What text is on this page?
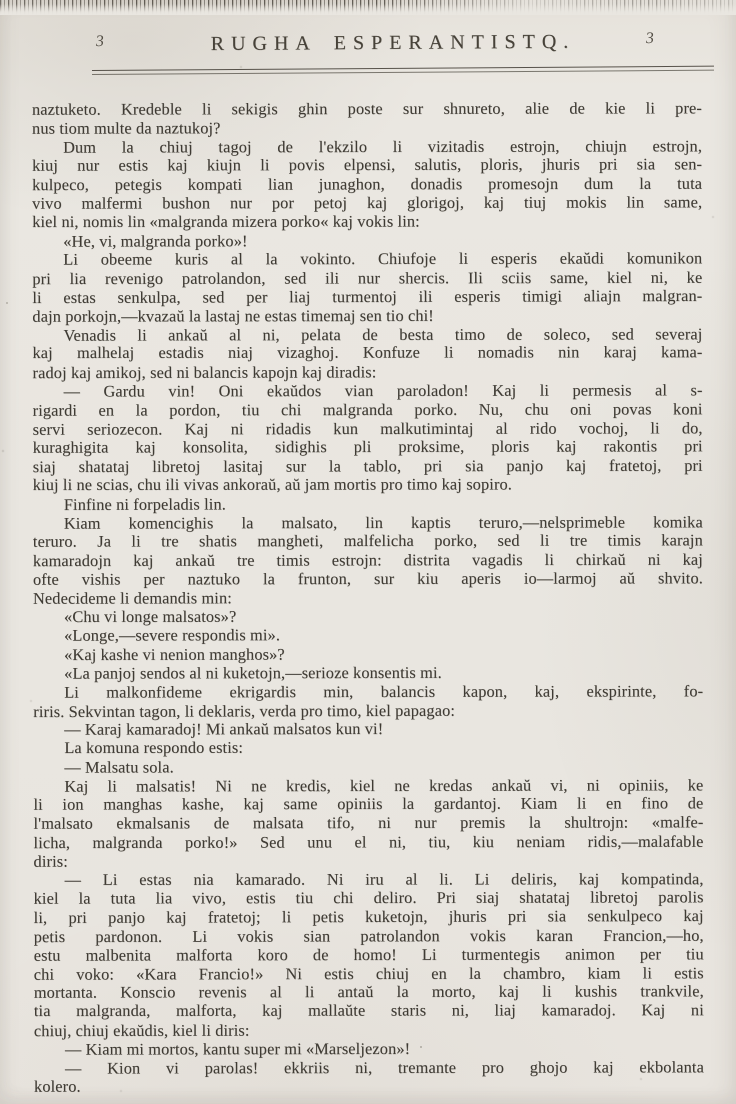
3	RUGHA ESPERANTISTQ.	3
naztuketo. Kredeble li sekigis ghin poste sur shnureto, alie de kie li pre-
nus tiom multe da naztukoj?
Dum la chiuj tagoj de l'ekzilo li vizitadis estrojn, chiujn estrojn,
kiuj nur estis kaj kiujn li povis elpensi, salutis, ploris, jhuris pri sia sen-
kulpeco, petegis kompati lian junaghon, donadis promesojn dum la tuta
vivo malfermi bushon nur por petoj kaj glorigoj, kaj tiuj mokis lin same,
kiel ni, nomis lin «malgranda mizera porko« kaj vokis lin:
«He, vi, malgranda porko»!
Li obeeme kuris al la vokinto. Chiufoje li esperis ekaŭdi komunikon
pri lia revenigo patrolandon, sed ili nur shercis. Ili sciis same, kiel ni, ke
li estas senkulpa, sed per liaj turmentoj ili esperis timigi aliajn malgran-
dajn porkojn,—kvazaŭ la lastaj ne estas timemaj sen tio chi!
Venadis li ankaŭ al ni, pelata de besta timo de soleco, sed severaj
kaj malhelaj estadis niaj vizaghoj. Konfuze li nomadis nin karaj kama-
radoj kaj amikoj, sed ni balancis kapojn kaj diradis:
— Gardu vin! Oni ekaŭdos vian paroladon! Kaj li permesis al s-
rigardi en la pordon, tiu chi malgranda porko. Nu, chu oni povas koni
servi seriozecon. Kaj ni ridadis kun malkutimintaj al rido vochoj, li do,
kuraghigita kaj konsolita, sidighis pli proksime, ploris kaj rakontis pri
siaj shatataj libretoj lasitaj sur la tablo, pri sia panjo kaj fratetoj, pri
kiuj li ne scias, chu ili vivas ankoraŭ, aŭ jam mortis pro timo kaj sopiro.
Finfine ni forpeladis lin.
Kiam komencighis la malsato, lin kaptis teruro,—nelsprimeble komika
teruro. Ja li tre shatis mangheti, malfelicha porko, sed li tre timis karajn
kamaradojn kaj ankaŭ tre timis estrojn: distrita vagadis li chirkaŭ ni kaj
ofte vishis per naztuko la frunton, sur kiu aperis io—larmoj aŭ shvito.
Nedecideme li demandis min:
«Chu vi longe malsatos»?
«Longe,—severe respondis mi».
«Kaj kashe vi nenion manghos»?
«La panjoj sendos al ni kuketojn,—serioze konsentis mi.
Li malkonfideme ekrigardis min, balancis kapon, kaj, ekspirinte, fo-
riris. Sekvintan tagon, li deklaris, verda pro timo, kiel papagao:
— Karaj kamaradoj! Mi ankaŭ malsatos kun vi!
La komuna respondo estis:
— Malsatu sola.
Kaj li malsatis! Ni ne kredis, kiel ne kredas ankaŭ vi, ni opiniis, ke
li ion manghas kashe, kaj same opiniis la gardantoj. Kiam li en fino de
l'malsato ekmalsanis de malsata tifo, ni nur premis la shultrojn: «malfe-
licha, malgranda porko!» Sed unu el ni, tiu, kiu neniam ridis,—malafable
diris:
— Li estas nia kamarado. Ni iru al li. Li deliris, kaj kompatinda,
kiel la tuta lia vivo, estis tiu chi deliro. Pri siaj shatataj libretoj parolis
li, pri panjo kaj fratetoj; li petis kuketojn, jhuris pri sia senkulpeco kaj
petis pardonon. Li vokis sian patrolandon vokis karan Francion,—ho,
estu malbenita malforta koro de homo! Li turmentegis animon per tiu
chi voko: «Kara Francio!» Ni estis chiuj en la chambro, kiam li estis
mortanta. Konscio revenis al li antaŭ la morto, kaj li kushis trankvile,
tia malgranda, malforta, kaj mallaŭte staris ni, liaj kamaradoj. Kaj ni
chiuj, chiuj ekaŭdis, kiel li diris:
— Kiam mi mortos, kantu super mi «Marseljezon»!
— Kion vi parolas! ekkriis ni, tremante pro ghojo kaj ekbolanta
kolero.
